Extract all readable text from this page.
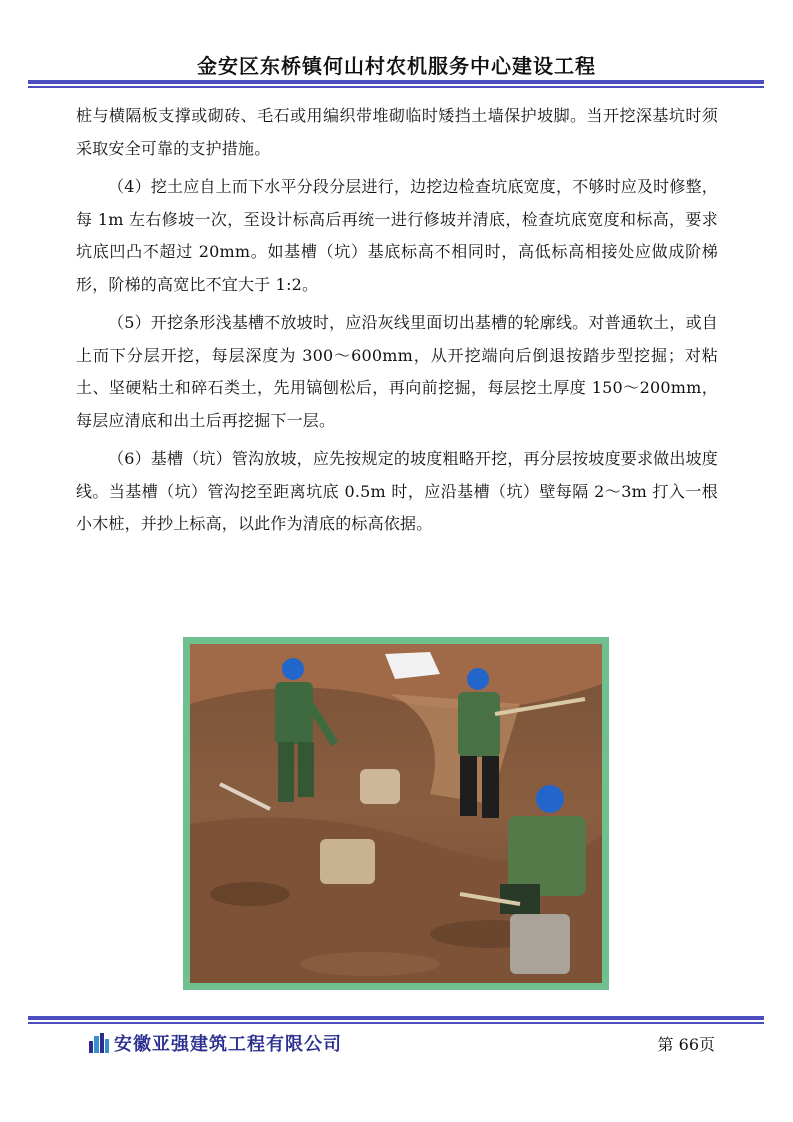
金安区东桥镇何山村农机服务中心建设工程

桩与横隔板支撑或砌砖、毛石或用编织带堆砌临时矮挡土墙保护坡脚。当开挖深基坑时须采取安全可靠的支护措施。

（4）挖土应自上而下水平分段分层进行，边挖边检查坑底宽度，不够时应及时修整，每 1m 左右修坡一次，至设计标高后再统一进行修坡并清底，检查坑底宽度和标高，要求坑底凹凸不超过 20mm。如基槽（坑）基底标高不相同时，高低标高相接处应做成阶梯形，阶梯的高宽比不宜大于 1:2。

（5）开挖条形浅基槽不放坡时，应沿灰线里面切出基槽的轮廓线。对普通软土，或自上而下分层开挖，每层深度为 300～600mm，从开挖端向后倒退按踏步型挖掘；对粘土、坚硬粘土和碎石类土，先用镐刨松后，再向前挖掘，每层挖土厚度 150～200mm，每层应清底和出土后再挖掘下一层。

（6）基槽（坑）管沟放坡，应先按规定的坡度粗略开挖，再分层按坡度要求做出坡度线。当基槽（坑）管沟挖至距离坑底 0.5m 时，应沿基槽（坑）壁每隔 2～3m 打入一根小木桩，并抄上标高，以此作为清底的标高依据。

安徽亚强建筑工程有限公司	第 66页
